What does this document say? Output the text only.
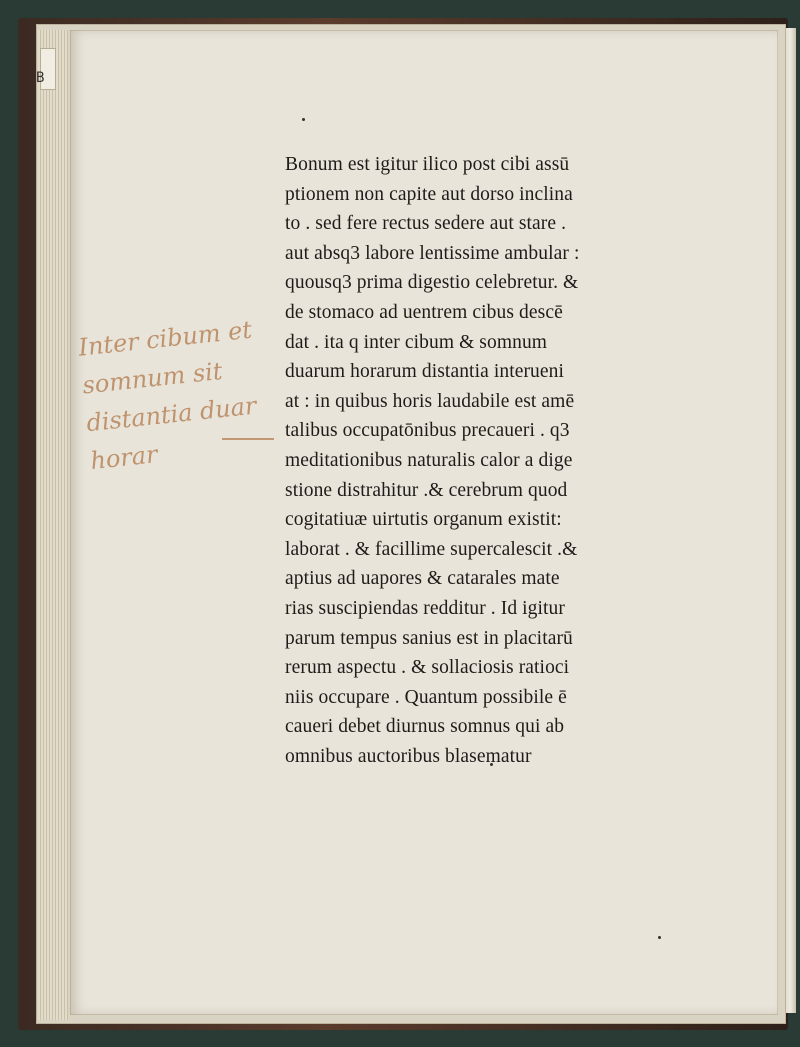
B
Inter cibum et
somnum sit
distantia duar
horar
Bonum est igitur ilico post cibi assū
ptionem non capite aut dorso inclina
to . sed fere rectus sedere aut stare .
aut absq3 labore lentissime ambular :
quousq3 prima digestio celebretur. &
de stomaco ad uentrem cibus descē
dat . ita q inter cibum & somnum
duarum horarum distantia interueni
at : in quibus horis laudabile est amē
talibus occupatōnibus precaueri . q3
meditationibus naturalis calor a dige
stione distrahitur .& cerebrum quod
cogitatiuæ uirtutis organum existit:
laborat . & facillime supercalescit .&
aptius ad uapores & catarales mate
rias suscipiendas redditur . Id igitur
parum tempus sanius est in placitarū
rerum aspectu . & sollaciosis ratioci
niis occupare . Quantum possibile ē
caueri debet diurnus somnus qui ab
omnibus auctoribus blasematur
